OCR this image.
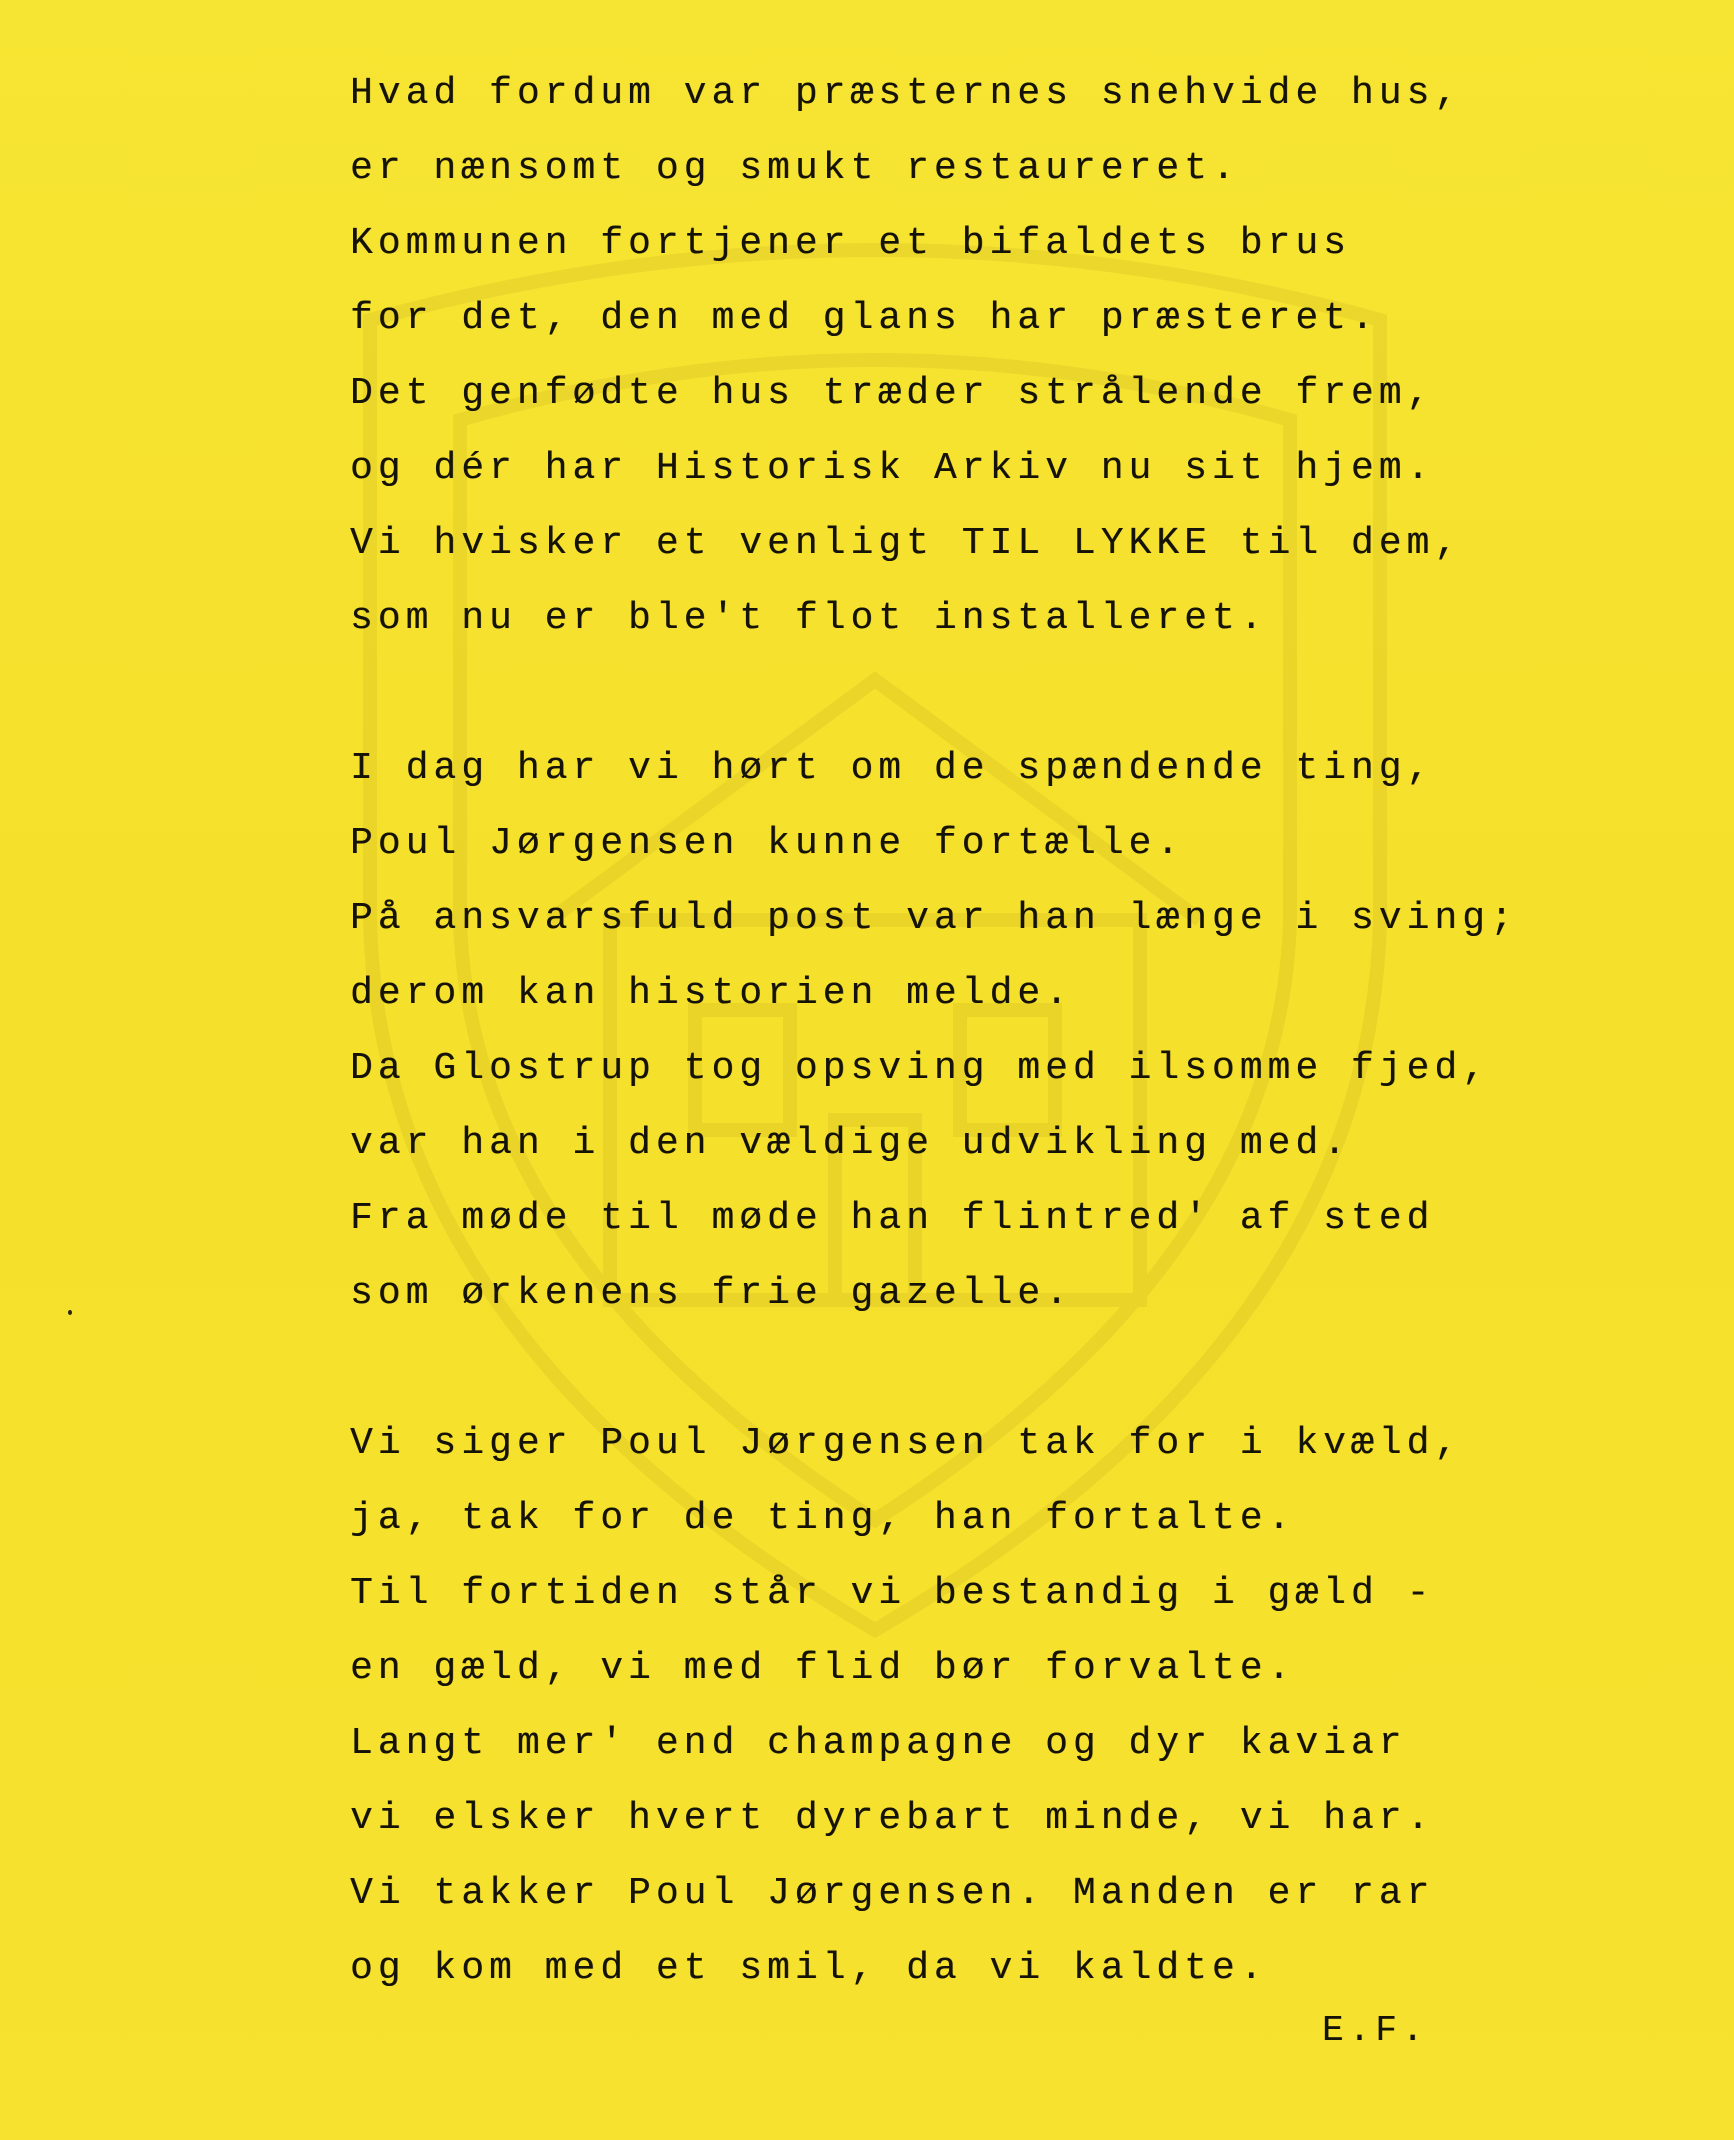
Hvad fordum var præsternes snehvide hus,
er nænsomt og smukt restaureret.
Kommunen fortjener et bifaldets brus
for det, den med glans har præsteret.
Det genfødte hus træder strålende frem,
og dér har Historisk Arkiv nu sit hjem.
Vi hvisker et venligt TIL LYKKE til dem,
som nu er ble't flot installeret.
I dag har vi hørt om de spændende ting,
Poul Jørgensen kunne fortælle.
På ansvarsfuld post var han længe i sving;
derom kan historien melde.
Da Glostrup tog opsving med ilsomme fjed,
var han i den vældige udvikling med.
Fra møde til møde han flintred' af sted
som ørkenens frie gazelle.
Vi siger Poul Jørgensen tak for i kvæld,
ja, tak for de ting, han fortalte.
Til fortiden står vi bestandig i gæld -
en gæld, vi med flid bør forvalte.
Langt mer' end champagne og dyr kaviar
vi elsker hvert dyrebart minde, vi har.
Vi takker Poul Jørgensen. Manden er rar
og kom med et smil, da vi kaldte.
E.F.
